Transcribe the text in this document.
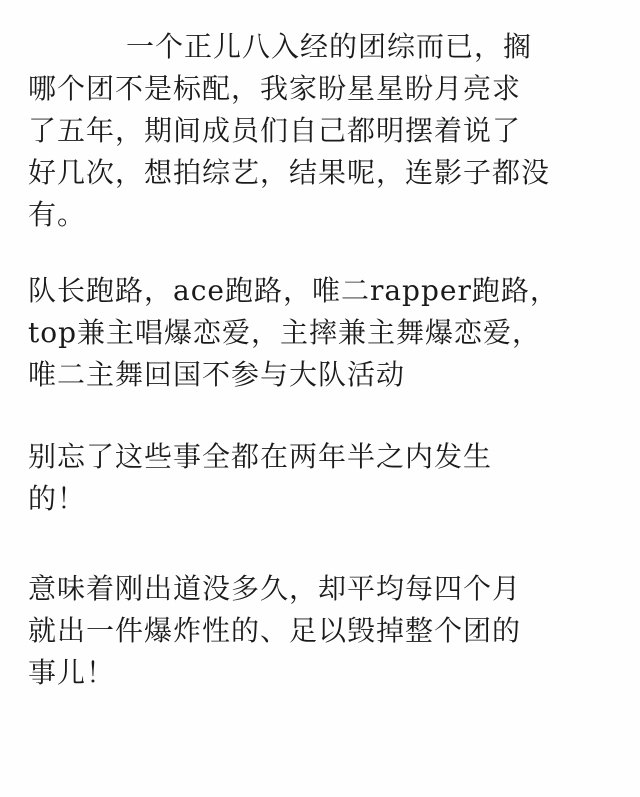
一个正儿八入经的团综而已，搁
哪个团不是标配，我家盼星星盼月亮求
了五年，期间成员们自己都明摆着说了
好几次，想拍综艺，结果呢，连影子都没
有。
队长跑路，ace跑路，唯二rapper跑路，
top兼主唱爆恋爱，主摔兼主舞爆恋爱，
唯二主舞回国不参与大队活动
别忘了这些事全都在两年半之内发生
的！
意味着刚出道没多久，却平均每四个月
就出一件爆炸性的、足以毁掉整个团的
事儿！
